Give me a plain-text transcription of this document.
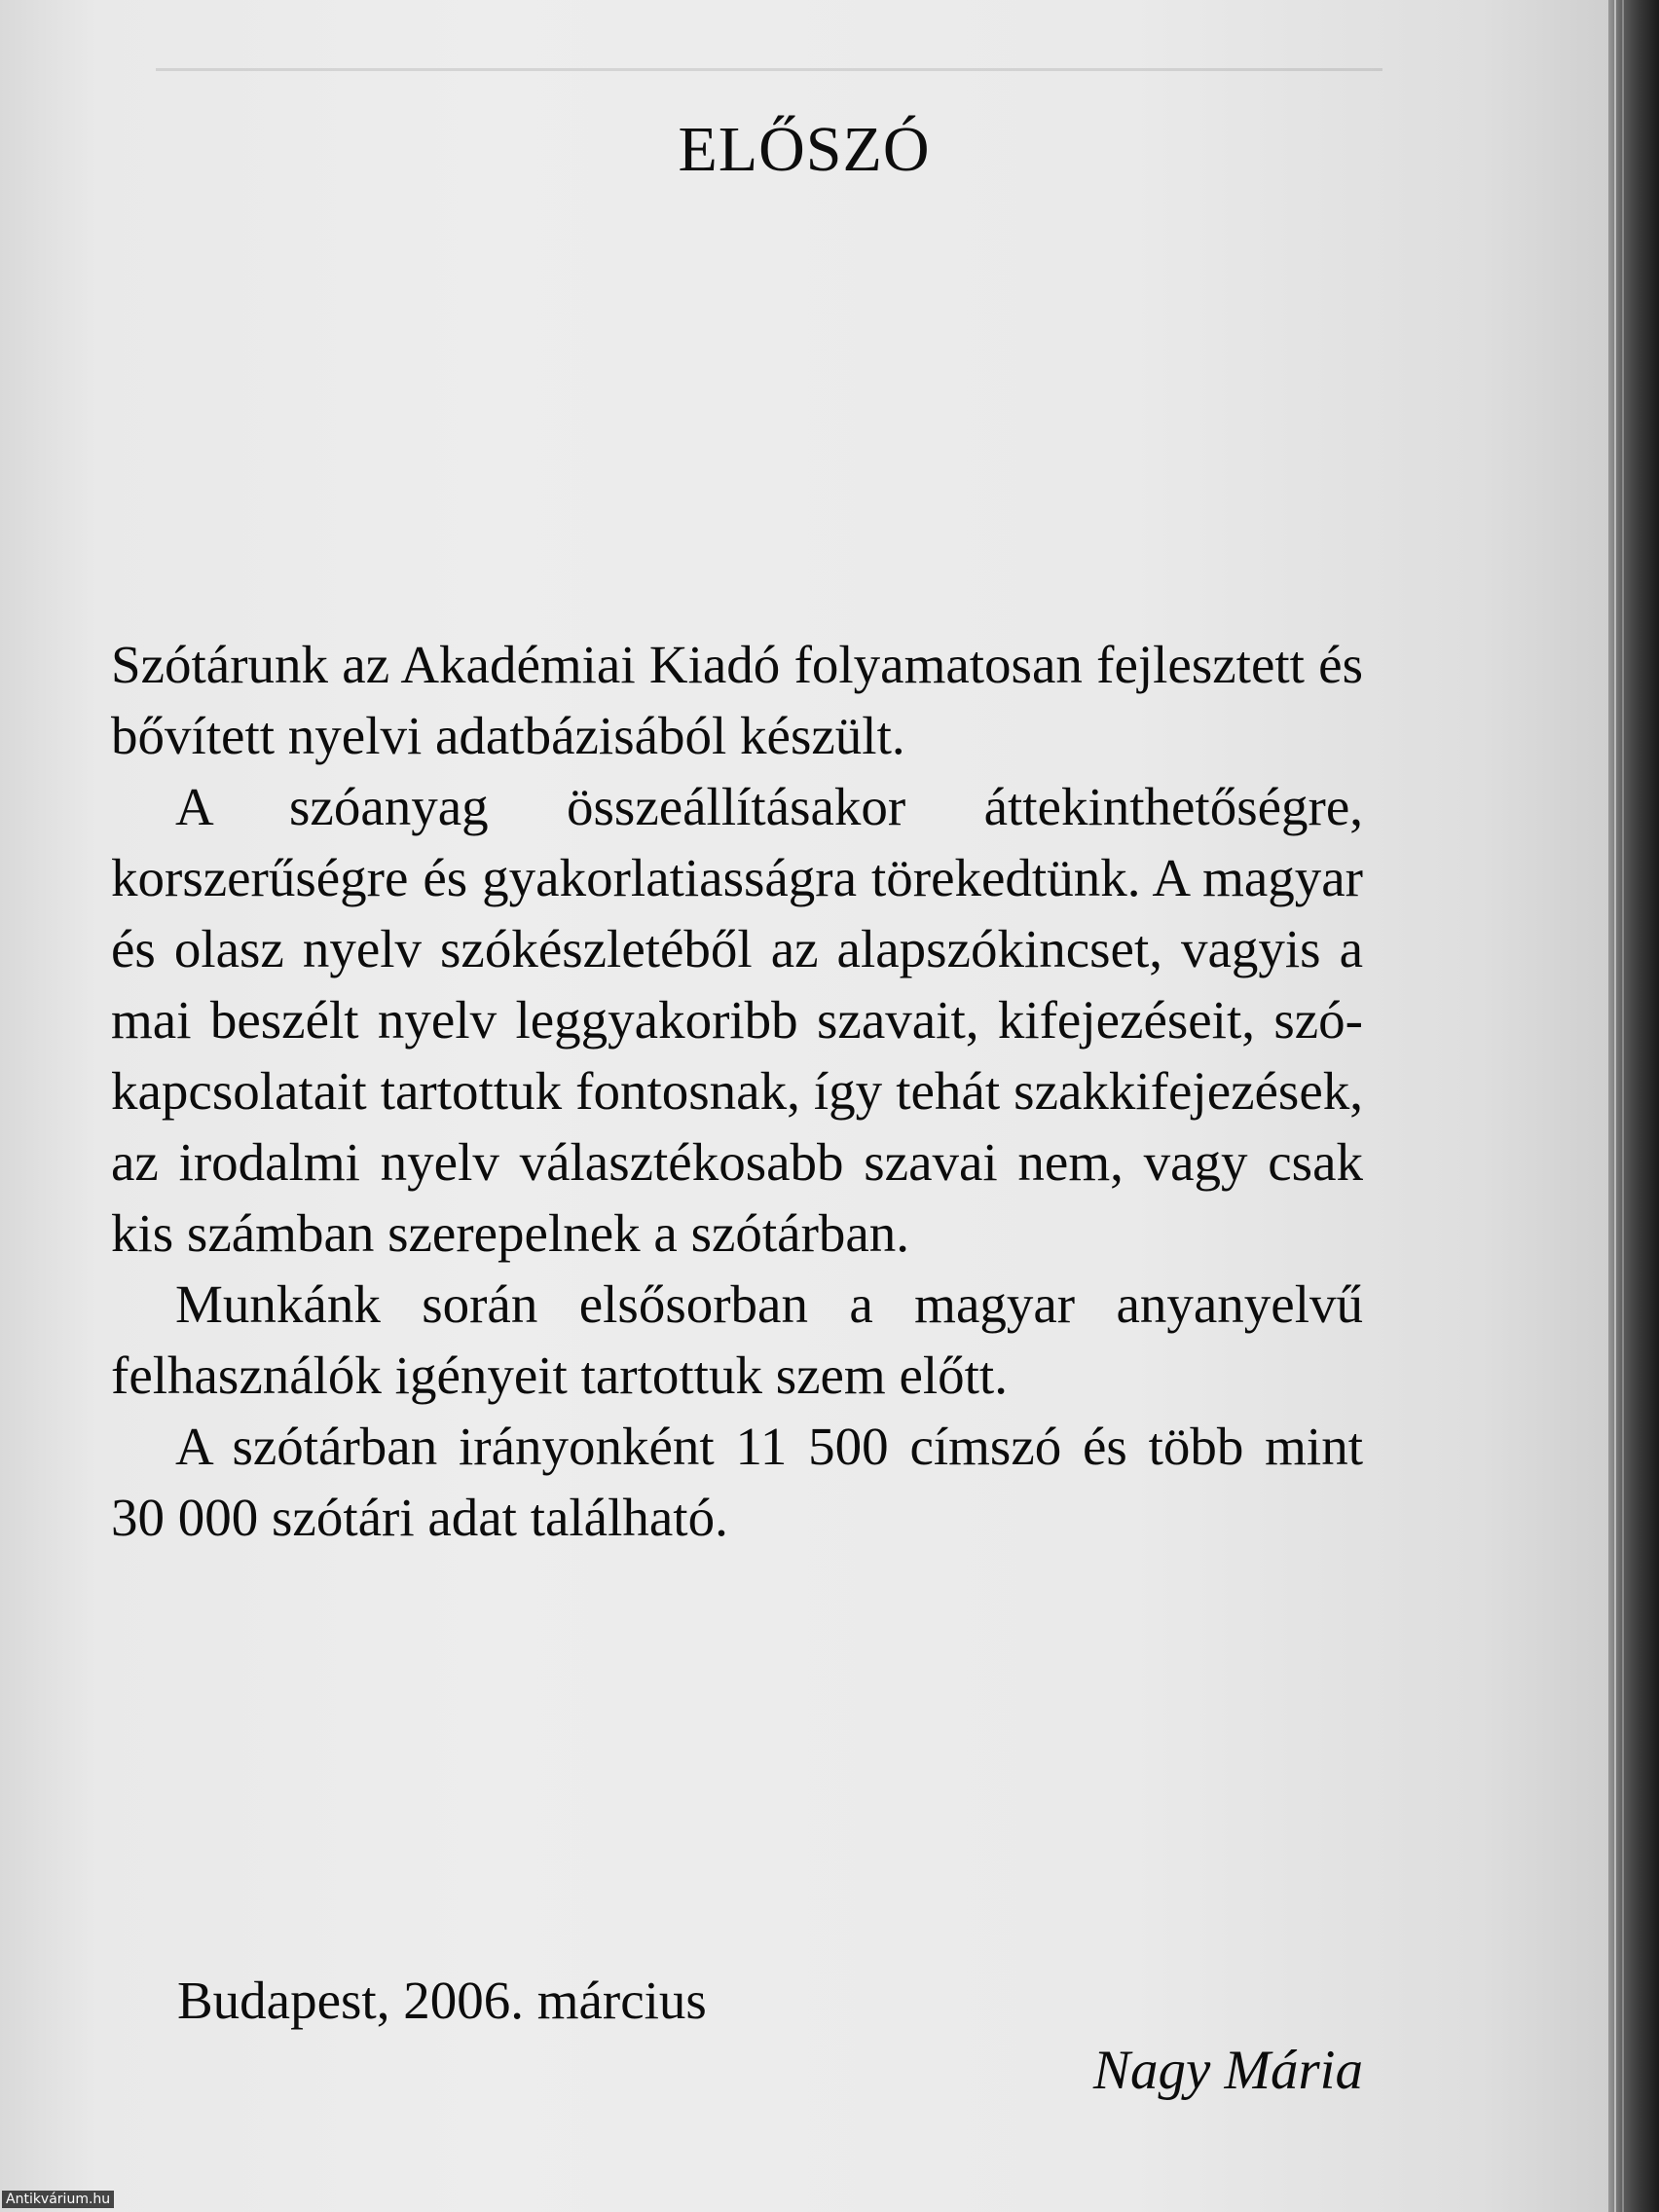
ELŐSZÓ

Szótárunk az Akadémiai Kiadó folyamatosan fejlesztett és bővített nyelvi adatbázisából készült.

A szóanyag összeállításakor áttekinthetőségre, korszerűségre és gyakorlatiasságra törekedtünk. A magyar és olasz nyelv szókészletéből az alapszókincset, vagyis a mai beszélt nyelv leggyakoribb szavait, kifejezéseit, szókapcsolatait tartottuk fontosnak, így tehát szakkifejezések, az irodalmi nyelv választékosabb szavai nem, vagy csak kis számban szerepelnek a szótárban.

Munkánk során elsősorban a magyar anyanyelvű felhasználók igényeit tartottuk szem előtt.

A szótárban irányonként 11 500 címszó és több mint 30 000 szótári adat található.

Budapest, 2006. március
Nagy Mária
Antikvárium.hu
